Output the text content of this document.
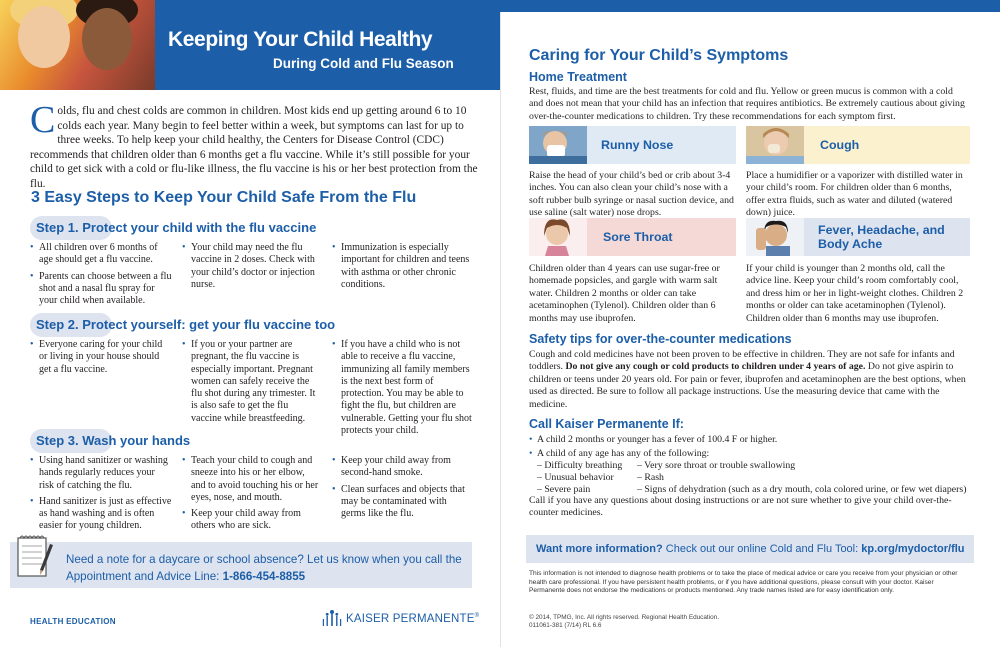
Keeping Your Child Healthy
During Cold and Flu Season
Colds, flu and chest colds are common in children. Most kids end up getting around 6 to 10 colds each year. Many begin to feel better within a week, but symptoms can last for up to three weeks. To help keep your child healthy, the Centers for Disease Control (CDC) recommends that children older than 6 months get a flu vaccine. While it’s still possible for your child to get sick with a cold or flu-like illness, the flu vaccine is his or her best protection from the flu.
3 Easy Steps to Keep Your Child Safe From the Flu
Step 1. Protect your child with the flu vaccine
• All children over 6 months of age should get a flu vaccine.
• Parents can choose between a flu shot and a nasal flu spray for your child when available.
• Your child may need the flu vaccine in 2 doses. Check with your child’s doctor or injection nurse.
• Immunization is especially important for children and teens with asthma or other chronic conditions.
Step 2. Protect yourself: get your flu vaccine too
• Everyone caring for your child or living in your house should get a flu vaccine.
• If you or your partner are pregnant, the flu vaccine is especially important. Pregnant women can safely receive the flu shot during any trimester. It is also safe to get the flu vaccine while breastfeeding.
• If you have a child who is not able to receive a flu vaccine, immunizing all family members is the next best form of protection. You may be able to fight the flu, but children are vulnerable. Getting your flu shot protects your child.
Step 3. Wash your hands
• Using hand sanitizer or washing hands regularly reduces your risk of catching the flu.
• Hand sanitizer is just as effective as hand washing and is often easier for young children.
• Teach your child to cough and sneeze into his or her elbow, and to avoid touching his or her eyes, nose, and mouth.
• Keep your child away from others who are sick.
• Keep your child away from second-hand smoke.
• Clean surfaces and objects that may be contaminated with germs like the flu.
Need a note for a daycare or school absence? Let us know when you call the Appointment and Advice Line: 1-866-454-8855
HEALTH EDUCATION	KAISER PERMANENTE®
Caring for Your Child’s Symptoms
Home Treatment
Rest, fluids, and time are the best treatments for cold and flu. Yellow or green mucus is common with a cold and does not mean that your child has an infection that requires antibiotics. Be extremely cautious about giving over-the-counter medications to children. Try these recommendations for each symptom first.
Runny Nose
Raise the head of your child’s bed or crib about 3-4 inches. You can also clean your child’s nose with a soft rubber bulb syringe or nasal suction device, and use saline (salt water) nose drops.
Cough
Place a humidifier or a vaporizer with distilled water in your child’s room. For children older than 6 months, offer extra fluids, such as water and diluted (watered down) juice.
Sore Throat
Children older than 4 years can use sugar-free or homemade popsicles, and gargle with warm salt water. Children 2 months or older can take acetaminophen (Tylenol). Children older than 6 months may use ibuprofen.
Fever, Headache, and Body Ache
If your child is younger than 2 months old, call the advice line. Keep your child’s room comfortably cool, and dress him or her in light-weight clothes. Children 2 months or older can take acetaminophen (Tylenol). Children older than 6 months may use ibuprofen.
Safety tips for over-the-counter medications
Cough and cold medicines have not been proven to be effective in children. They are not safe for infants and toddlers. Do not give any cough or cold products to children under 4 years of age. Do not give aspirin to children or teens under 20 years old. For pain or fever, ibuprofen and acetaminophen are the best options, when used as directed. Be sure to follow all package instructions. Use the measuring device that came with the medicine.
Call Kaiser Permanente If:
• A child 2 months or younger has a fever of 100.4 F or higher.
• A child of any age has any of the following:
– Difficulty breathing	– Very sore throat or trouble swallowing
– Unusual behavior	– Rash
– Severe pain	– Signs of dehydration (such as a dry mouth, cola colored urine, or few wet diapers)
Call if you have any questions about dosing instructions or are not sure whether to give your child over-the-counter medicines.
Want more information? Check out our online Cold and Flu Tool: kp.org/mydoctor/flu
This information is not intended to diagnose health problems or to take the place of medical advice or care you receive from your physician or other health care professional. If you have persistent health problems, or if you have additional questions, please consult with your doctor. Kaiser Permanente does not endorse the medications or products mentioned. Any trade names listed are for easy identification only.
© 2014, TPMG, Inc. All rights reserved. Regional Health Education.
011061-381 (7/14) RL 6.6
